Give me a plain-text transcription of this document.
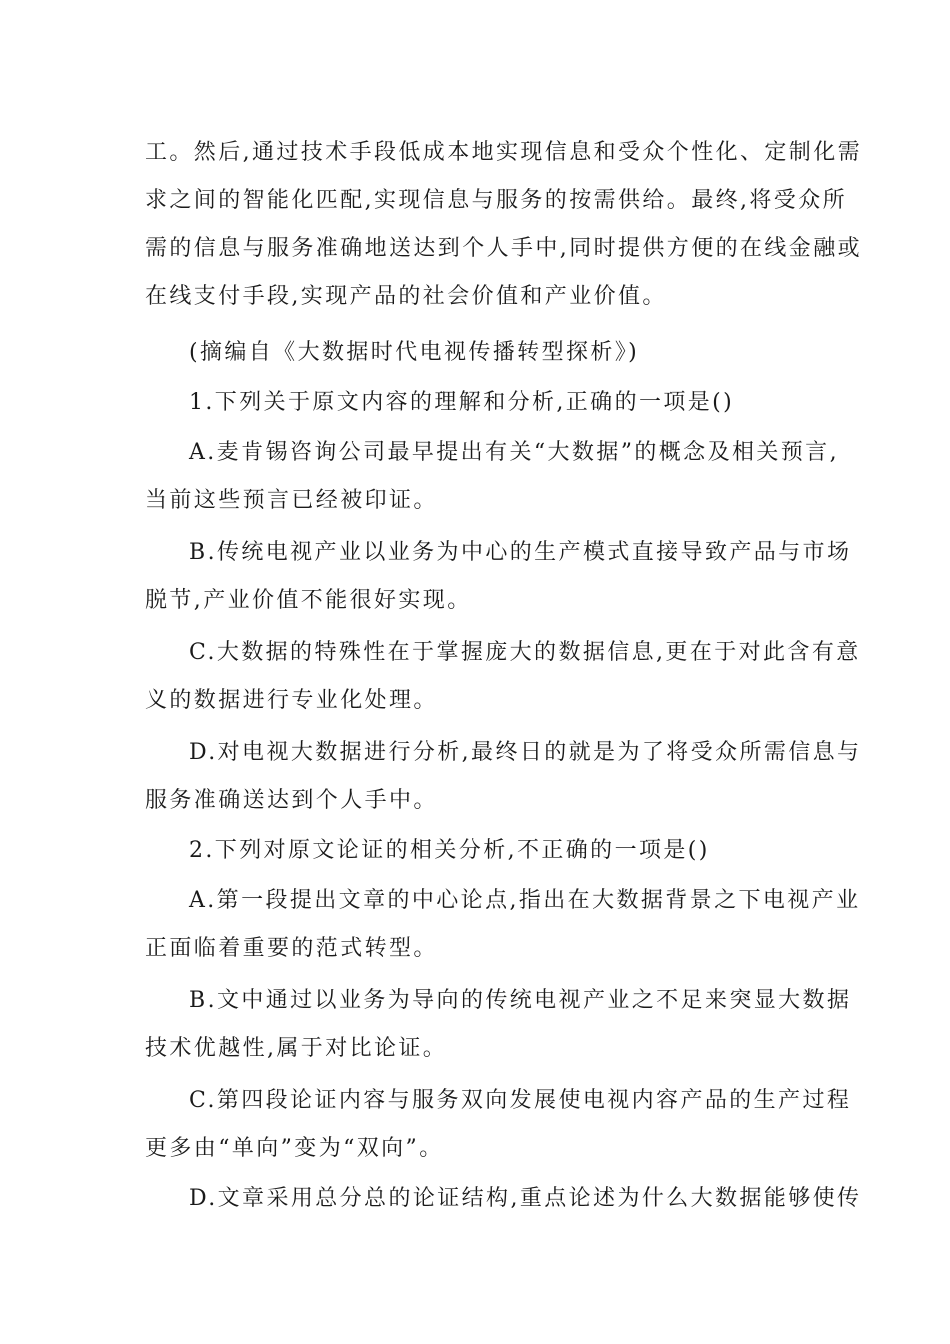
工。然后,通过技术手段低成本地实现信息和受众个性化、定制化需
求之间的智能化匹配,实现信息与服务的按需供给。最终,将受众所
需的信息与服务准确地送达到个人手中,同时提供方便的在线金融或
在线支付手段,实现产品的社会价值和产业价值。
(摘编自《大数据时代电视传播转型探析》)
1.下列关于原文内容的理解和分析,正确的一项是()
A.麦肯锡咨询公司最早提出有关“大数据”的概念及相关预言,
当前这些预言已经被印证。
B.传统电视产业以业务为中心的生产模式直接导致产品与市场
脱节,产业价值不能很好实现。
C.大数据的特殊性在于掌握庞大的数据信息,更在于对此含有意
义的数据进行专业化处理。
D.对电视大数据进行分析,最终日的就是为了将受众所需信息与
服务准确送达到个人手中。
2.下列对原文论证的相关分析,不正确的一项是()
A.第一段提出文章的中心论点,指出在大数据背景之下电视产业
正面临着重要的范式转型。
B.文中通过以业务为导向的传统电视产业之不足来突显大数据
技术优越性,属于对比论证。
C.第四段论证内容与服务双向发展使电视内容产品的生产过程
更多由“单向”变为“双向”。
D.文章采用总分总的论证结构,重点论述为什么大数据能够使传
